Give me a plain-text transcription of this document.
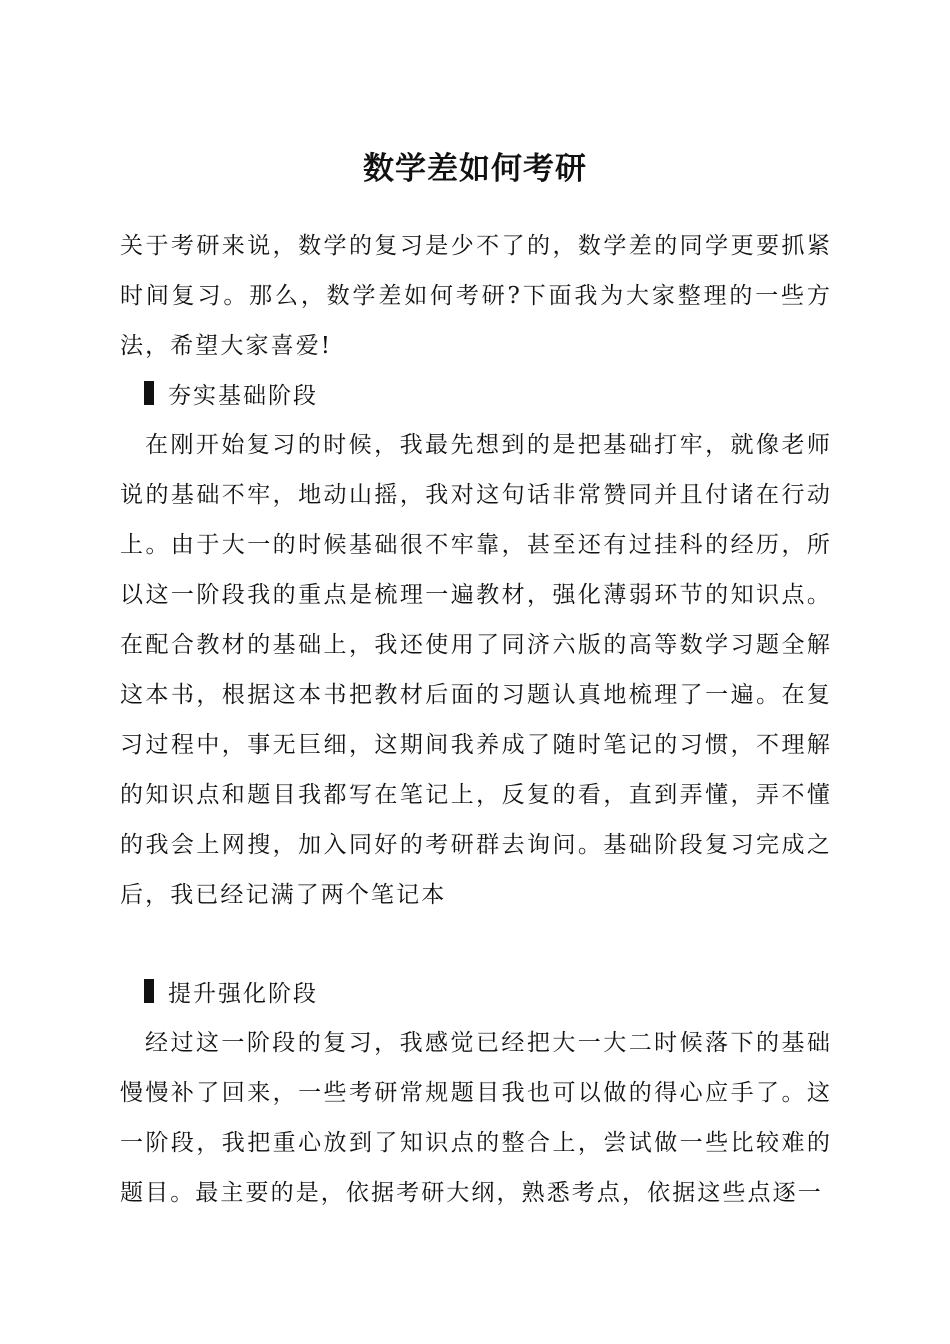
数学差如何考研

关于考研来说，数学的复习是少不了的，数学差的同学更要抓紧时间复习。那么，数学差如何考研?下面我为大家整理的一些方法，希望大家喜爱!

夯实基础阶段

在刚开始复习的时候，我最先想到的是把基础打牢，就像老师说的基础不牢，地动山摇，我对这句话非常赞同并且付诸在行动上。由于大一的时候基础很不牢靠，甚至还有过挂科的经历，所以这一阶段我的重点是梳理一遍教材，强化薄弱环节的知识点。在配合教材的基础上，我还使用了同济六版的高等数学习题全解这本书，根据这本书把教材后面的习题认真地梳理了一遍。在复习过程中，事无巨细，这期间我养成了随时笔记的习惯，不理解的知识点和题目我都写在笔记上，反复的看，直到弄懂，弄不懂的我会上网搜，加入同好的考研群去询问。基础阶段复习完成之后，我已经记满了两个笔记本

提升强化阶段

经过这一阶段的复习，我感觉已经把大一大二时候落下的基础慢慢补了回来，一些考研常规题目我也可以做的得心应手了。这一阶段，我把重心放到了知识点的整合上，尝试做一些比较难的题目。最主要的是，依据考研大纲，熟悉考点，依据这些点逐一
